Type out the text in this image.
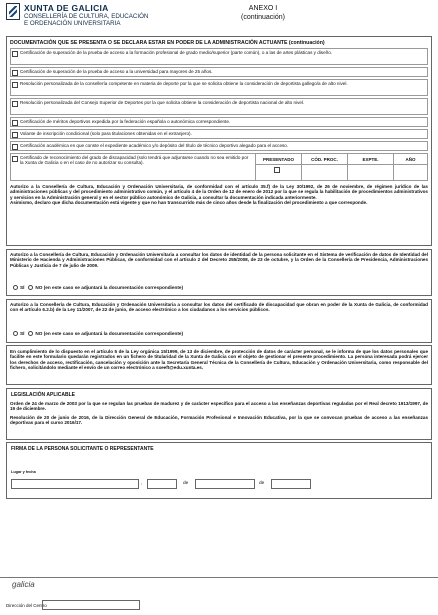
XUNTA DE GALICIA
CONSELLERÍA DE CULTURA, EDUCACIÓN
E ORDENACIÓN UNIVERSITARIA
ANEXO I
(continuación)
DOCUMENTACIÓN QUE SE PRESENTA O SE DECLARA ESTAR EN PODER DE LA ADMINISTRACIÓN ACTUANTE (continuación)
Certificación de superación de la prueba de acceso a la formación profesional de grado medio/superior (parte común), o a las de artes plásticas y diseño.
Certificación de superación de la prueba de acceso a la universidad para mayores de 25 años.
Resolución personalizada de la consellería competente en materia de deporte por la que se solicita obtiene la consideración de deportista gallego/a de alto nivel.
Resolución personalizada del Consejo Superior de Deportes por la que solicita obtiene la consideración de deportista nacional de alto nivel.
Certificación de méritos deportivos expedida por la federación española o autonómica correspondiente.
Volante de inscripción condicional (solo para titulaciones obtenidas en el extranjero).
Certificación académica en que conste el expediente académico y/o depósito del título de técnico deportivo alegado para el acceso.
Certificado de reconocimiento del grado de discapacidad (solo tendrá que adjuntarse cuando no sea emitido por la Xunta de Galicia o en el caso de no autorizar su consulta).
PRESENTADO	CÓD. PROC.	EXPTE.	AÑO
Autorizo a la Consellería de Cultura, Educación y Ordenación Universitaria, de conformidad con el artículo 35.f) de la Ley 30/1992, de 26 de noviembre, de régimen jurídico de las administraciones públicas y del procedimiento administrativo común, y el artículo 4 de la Orden de 12 de enero de 2012 por la que se regula la habilitación de procedimientos administrativos y servicios en la Administración general y en el sector público autonómico de Galicia, a consultar la documentación indicada anteriormente.
Asimismo, declaro que dicha documentación está vigente y que no han transcurrido más de cinco años desde la finalización del procedimiento a que corresponde.
Autorizo a la Consellería de Cultura, Educación y Ordenación Universitaria a consultar los datos de identidad de la persona solicitante en el Sistema de verificación de datos de Identidad del Ministerio de Hacienda y Administraciones Públicas, de conformidad con el artículo 2 del Decreto 255/2008, de 23 de octubre, y la Orden de la Consellería de Presidencia, Administraciones Públicas y Justicia de 7 de julio de 2009.
SÍ NO (en este caso se adjuntará la documentación correspondiente)
Autorizo a la Consellería de Cultura, Educación y Ordenación Universitaria a consultar los datos del certificado de discapacidad que obran en poder de la Xunta de Galicia, de conformidad con el artículo 6.2.b) de la Ley 11/2007, de 22 de junio, de acceso electrónico a los ciudadanos a los servicios públicos.
SÍ NO (en este caso se adjuntará la documentación correspondiente)
En cumplimiento de lo dispuesto en el artículo 5 de la Ley orgánica 15/1999, de 13 de diciembre, de protección de datos de carácter personal, se le informa de que los datos personales que facilite en este formulario quedarán registrados en un fichero de titularidad de la Xunta de Galicia con el objeto de gestionar el presente procedimiento. La persona interesada podrá ejercer los derechos de acceso, rectificación, cancelación y oposición ante la Secretaría General Técnica de la Consellería de Cultura, Educación y Ordenación Universitaria, como responsable del fichero, solicitándolo mediante el envío de un correo electrónico a sxeeft@edu.xunta.es.
LEGISLACIÓN APLICABLE
Orden de 24 de marzo de 2003 por la que se regulan las pruebas de madurez y de carácter específico para el acceso a las enseñanzas deportivas reguladas por el Real decreto 1913/1997, de 19 de diciembre.
Resolución de 20 de junio de 2016, de la Dirección General de Educación, Formación Profesional e Innovación Educativa, por la que se convocan pruebas de acceso a las enseñanzas deportivas para el curso 2016/17.
FIRMA DE LA PERSONA SOLICITANTE O REPRESENTANTE
Lugar y fecha
,	de	de
galicia
Dirección del Centro
